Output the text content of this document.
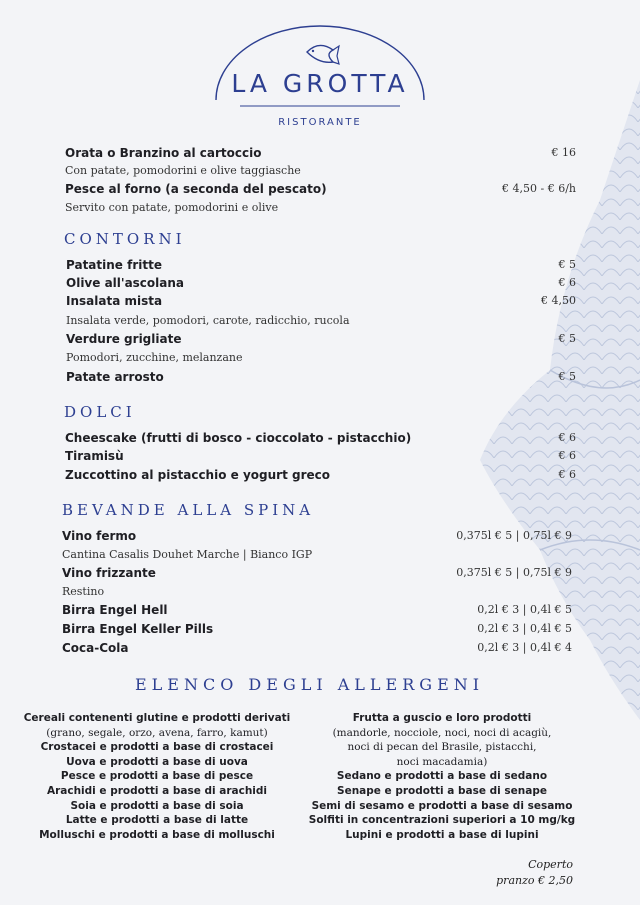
LA GROTTA
RISTORANTE
Orata o Branzino al cartoccio	€ 16
Con patate, pomodorini e olive taggiasche
Pesce al forno (a seconda del pescato)	€ 4,50 - € 6/h
Servito con patate, pomodorini e olive
CONTORNI
Patatine fritte	€ 5
Olive all'ascolana	€ 6
Insalata mista	€ 4,50
Insalata verde, pomodori, carote, radicchio, rucola
Verdure grigliate	€ 5
Pomodori, zucchine, melanzane
Patate arrosto	€ 5
DOLCI
Cheescake (frutti di bosco - cioccolato - pistacchio)	€ 6
Tiramisù	€ 6
Zuccottino al pistacchio e yogurt greco	€ 6
BEVANDE ALLA SPINA
Vino fermo	0,375l € 5 | 0,75l € 9
Cantina Casalis Douhet Marche | Bianco IGP
Vino frizzante	0,375l € 5 | 0,75l € 9
Restino
Birra Engel Hell	0,2l € 3 | 0,4l € 5
Birra Engel Keller Pills	0,2l € 3 | 0,4l € 5
Coca-Cola	0,2l € 3 | 0,4l € 4
ELENCO DEGLI ALLERGENI
Cereali contenenti glutine e prodotti derivati
(grano, segale, orzo, avena, farro, kamut)
Crostacei e prodotti a base di crostacei
Uova e prodotti a base di uova
Pesce e prodotti a base di pesce
Arachidi e prodotti a base di arachidi
Soia e prodotti a base di soia
Latte e prodotti a base di latte
Molluschi e prodotti a base di molluschi
Frutta a guscio e loro prodotti
(mandorle, nocciole, noci, noci di acagiù,
noci di pecan del Brasile, pistacchi,
noci macadamia)
Sedano e prodotti a base di sedano
Senape e prodotti a base di senape
Semi di sesamo e prodotti a base di sesamo
Solfiti in concentrazioni superiori a 10 mg/kg
Lupini e prodotti a base di lupini
Coperto
pranzo € 2,50
